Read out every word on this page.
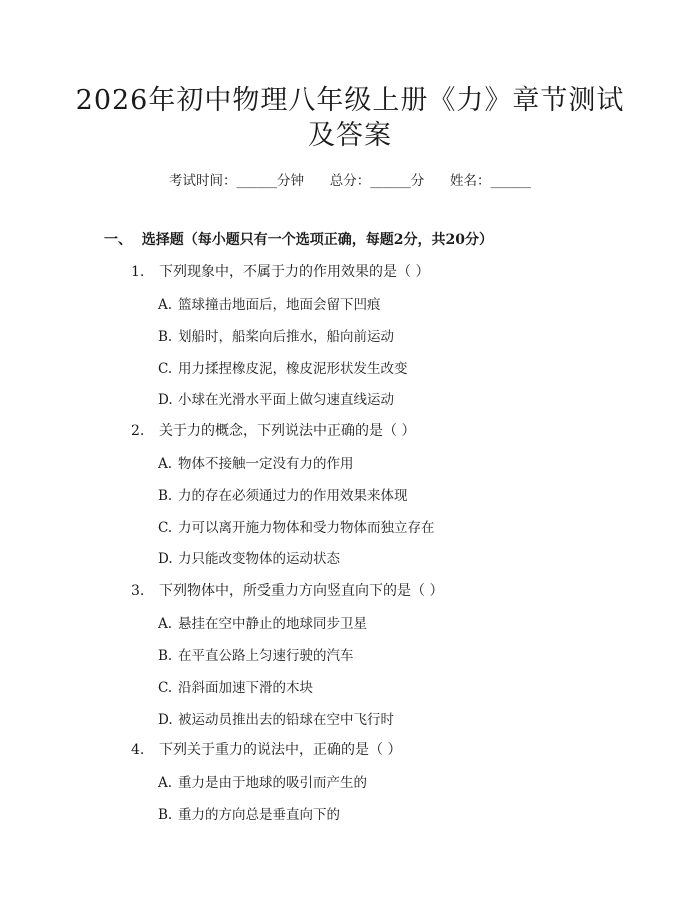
2026年初中物理八年级上册《力》章节测试
及答案
考试时间：______分钟      总分：______分      姓名：______
一、  选择题（每小题只有一个选项正确，每题2分，共20分）
1. 下列现象中，不属于力的作用效果的是（ ）
A. 篮球撞击地面后，地面会留下凹痕
B. 划船时，船桨向后推水，船向前运动
C. 用力揉捏橡皮泥，橡皮泥形状发生改变
D. 小球在光滑水平面上做匀速直线运动
2. 关于力的概念，下列说法中正确的是（ ）
A. 物体不接触一定没有力的作用
B. 力的存在必须通过力的作用效果来体现
C. 力可以离开施力物体和受力物体而独立存在
D. 力只能改变物体的运动状态
3. 下列物体中，所受重力方向竖直向下的是（ ）
A. 悬挂在空中静止的地球同步卫星
B. 在平直公路上匀速行驶的汽车
C. 沿斜面加速下滑的木块
D. 被运动员推出去的铅球在空中飞行时
4. 下列关于重力的说法中，正确的是（ ）
A. 重力是由于地球的吸引而产生的
B. 重力的方向总是垂直向下的
